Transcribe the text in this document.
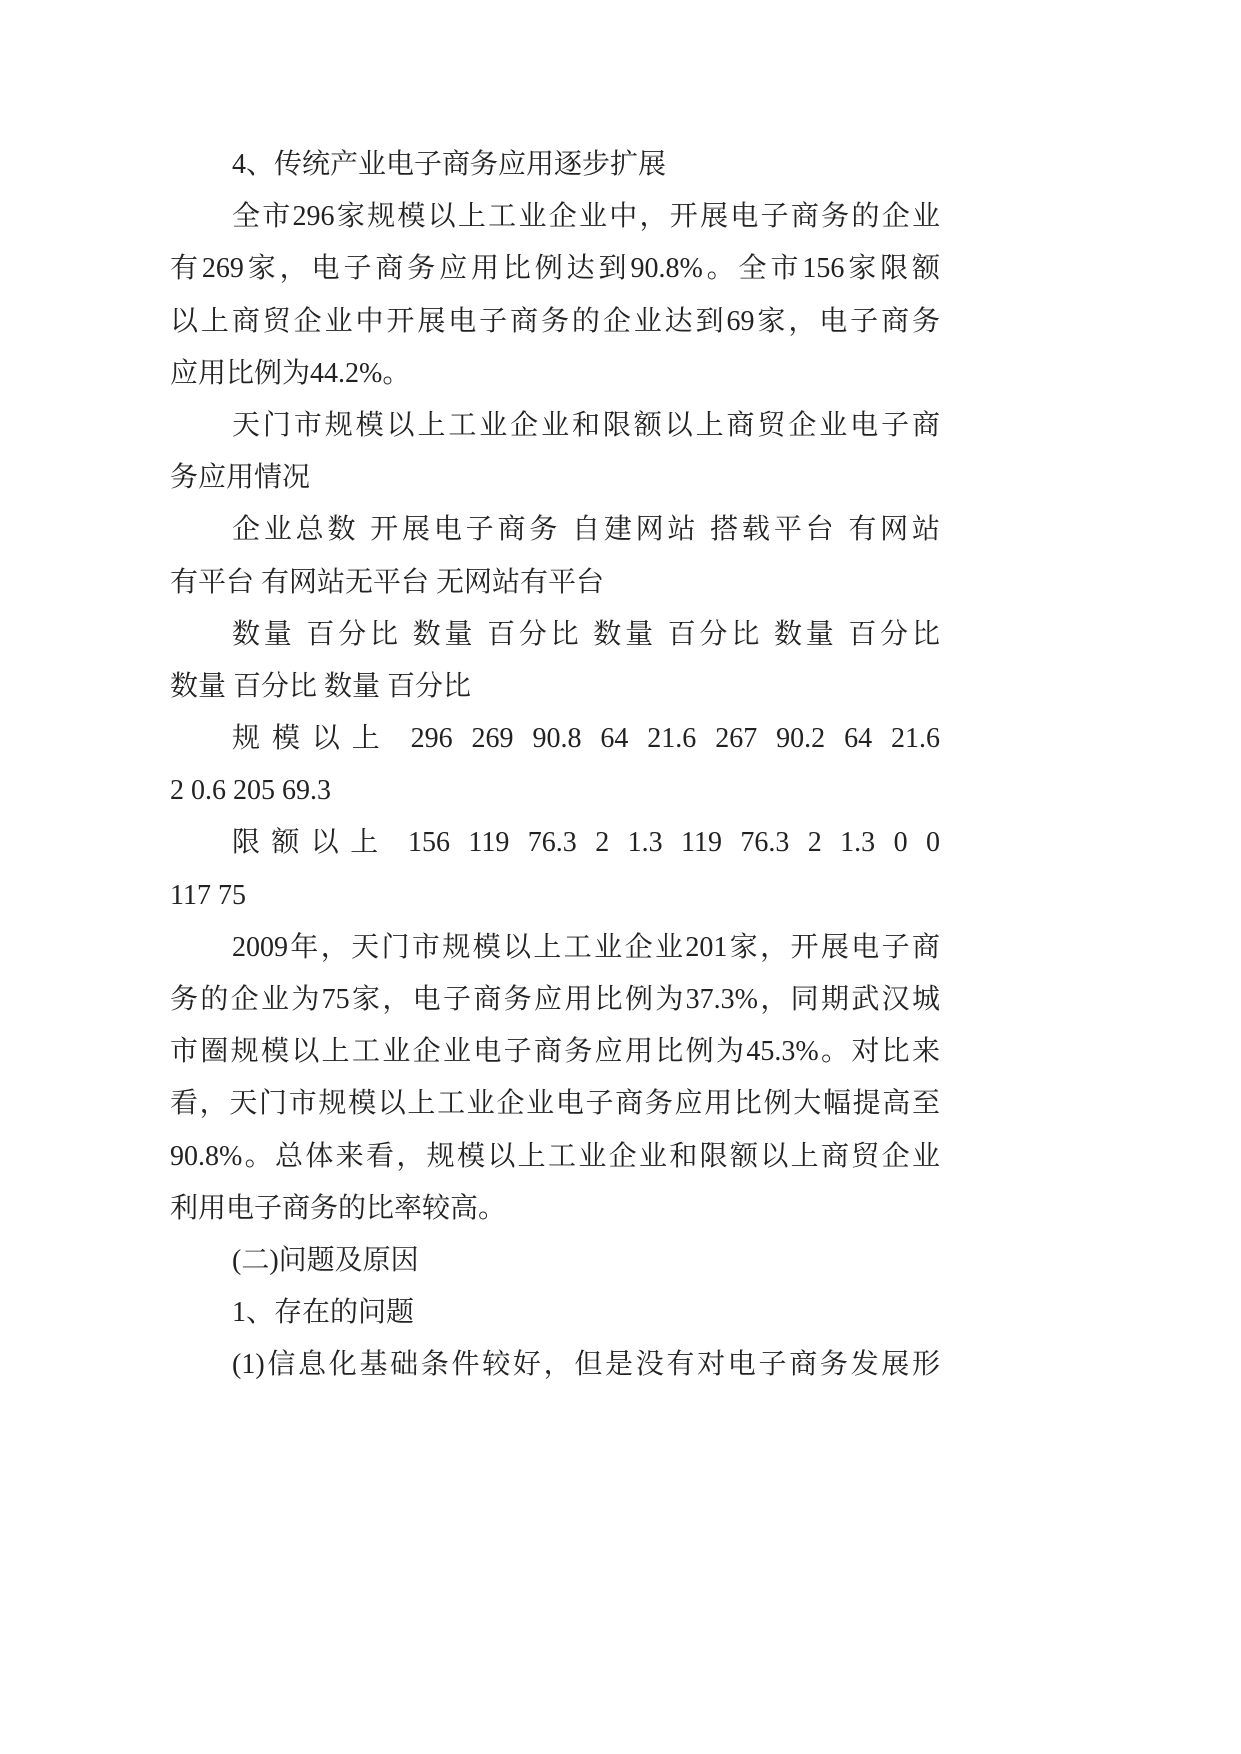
4、传统产业电子商务应用逐步扩展
全市296家规模以上工业企业中，开展电子商务的企业
有269家，电子商务应用比例达到90.8%。全市156家限额
以上商贸企业中开展电子商务的企业达到69家，电子商务
应用比例为44.2%。
天门市规模以上工业企业和限额以上商贸企业电子商
务应用情况
企业总数 开展电子商务 自建网站 搭载平台 有网站
有平台 有网站无平台 无网站有平台
数量 百分比 数量 百分比 数量 百分比 数量 百分比
数量 百分比 数量 百分比
规模以上 296 269 90.8 64 21.6 267 90.2 64 21.6
2 0.6 205 69.3
限额以上 156 119 76.3 2 1.3 119 76.3 2 1.3 0 0
117 75
2009年，天门市规模以上工业企业201家，开展电子商
务的企业为75家，电子商务应用比例为37.3%，同期武汉城
市圈规模以上工业企业电子商务应用比例为45.3%。对比来
看，天门市规模以上工业企业电子商务应用比例大幅提高至
90.8%。总体来看，规模以上工业企业和限额以上商贸企业
利用电子商务的比率较高。
(二)问题及原因
1、存在的问题
(1)信息化基础条件较好，但是没有对电子商务发展形
